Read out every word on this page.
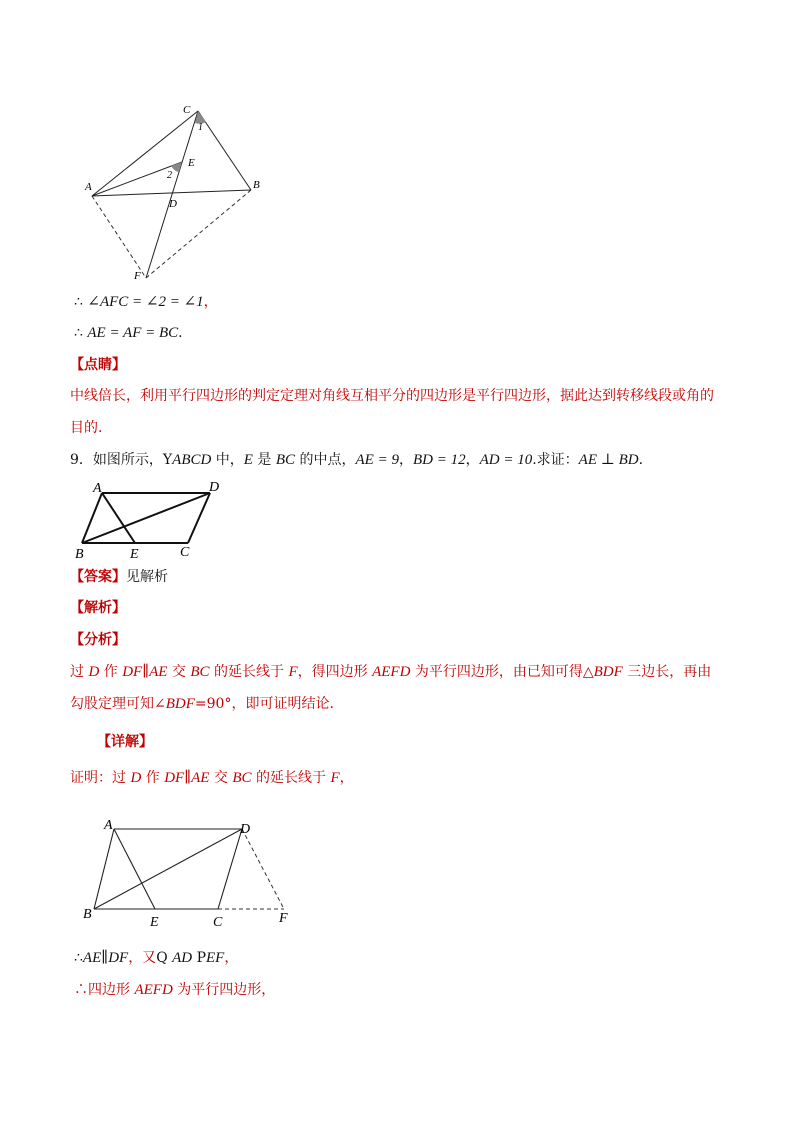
C
1
E
2
A	B
D
F
∴ ∠AFC = ∠2 = ∠1，
∴ AE = AF = BC.
【点睛】
中线倍长，利用平行四边形的判定定理对角线互相平分的四边形是平行四边形，据此达到转移线段或角的
目的.
9．如图所示，YABCD 中，E 是 BC 的中点，AE = 9，BD = 12，AD = 10.求证：AE ⊥ BD.
A	D
B	E	C
【答案】见解析
【解析】
【分析】
过 D 作 DF∥AE 交 BC 的延长线于 F，得四边形 AEFD 为平行四边形，由已知可得△BDF 三边长，再由
勾股定理可知∠BDF=90°，即可证明结论.
【详解】
证明：过 D 作 DF∥AE 交 BC 的延长线于 F，
A	D
B
E	C	F
∴AE∥DF，又Q AD PEF，
∴四边形 AEFD 为平行四边形，
